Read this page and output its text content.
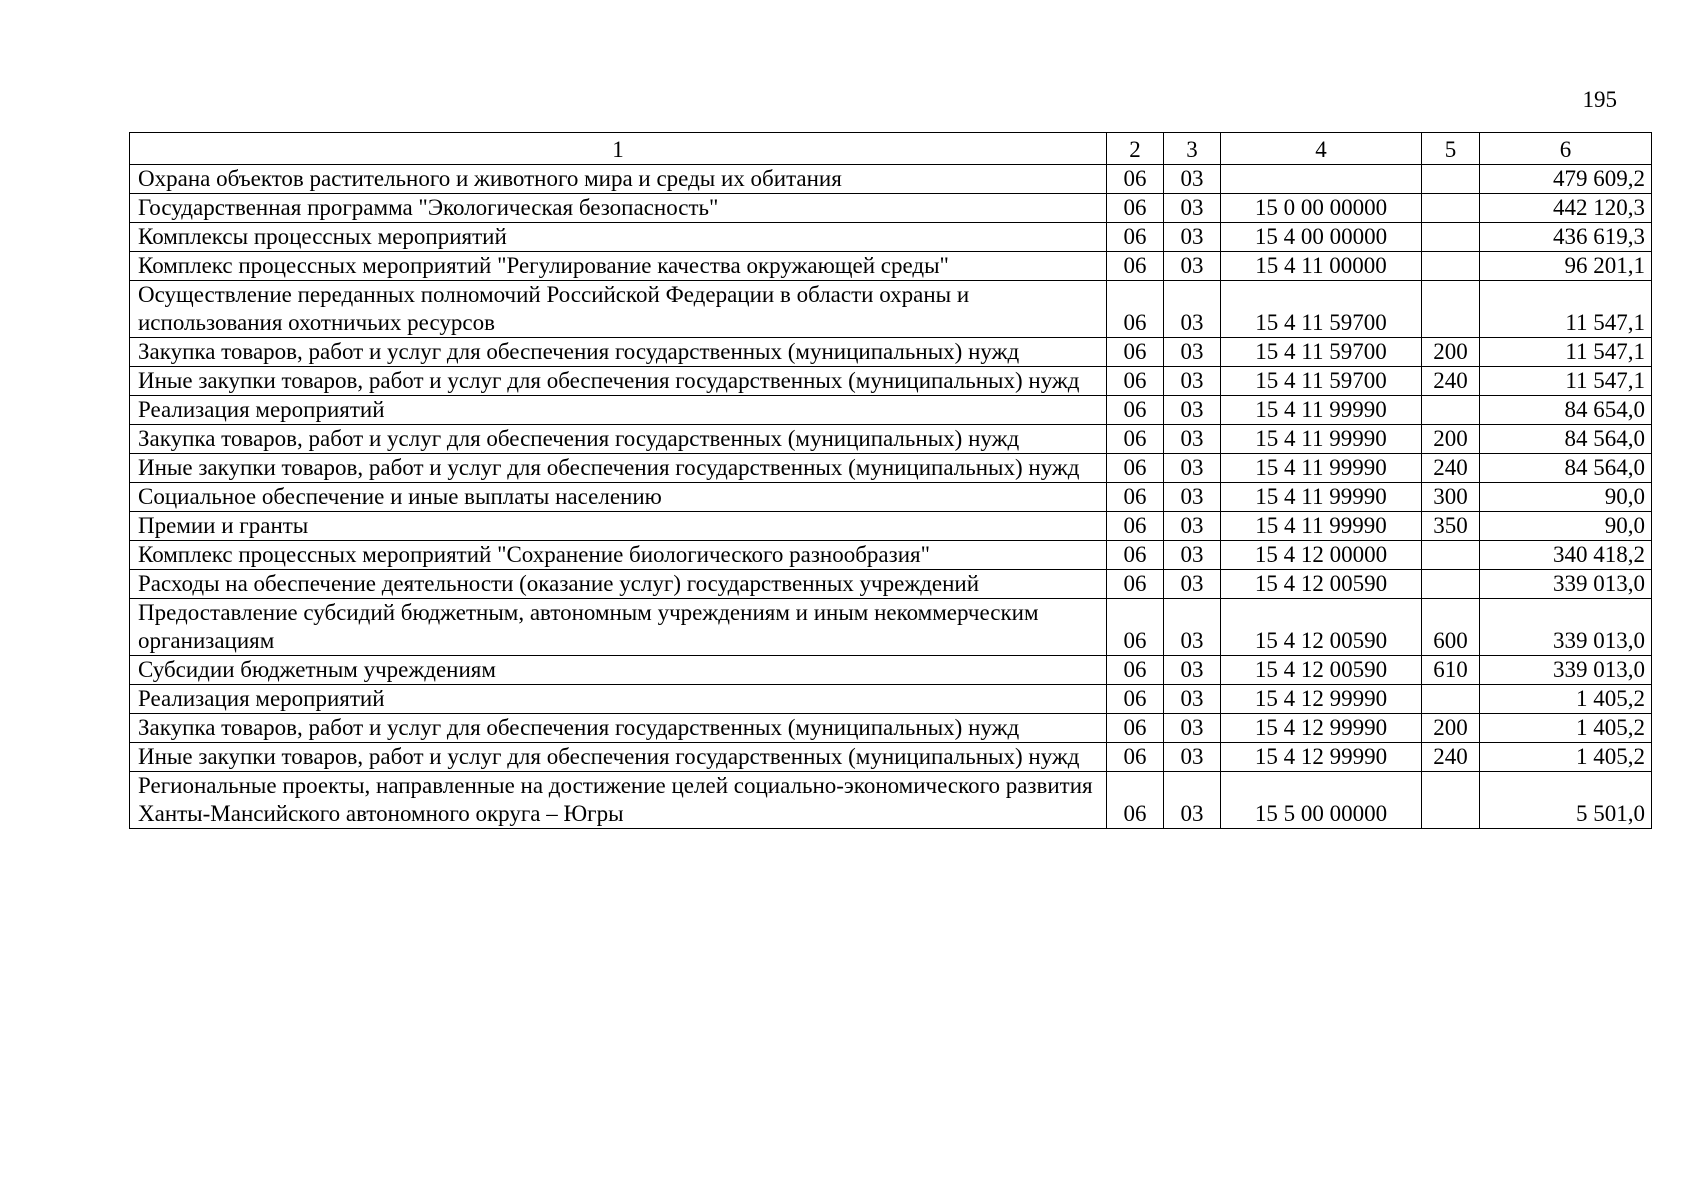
195
1	2	3	4	5	6
Охрана объектов растительного и животного мира и среды их обитания	06	03			479 609,2
Государственная программа "Экологическая безопасность"	06	03	15 0 00 00000		442 120,3
Комплексы процессных мероприятий	06	03	15 4 00 00000		436 619,3
Комплекс процессных мероприятий "Регулирование качества окружающей среды"	06	03	15 4 11 00000		96 201,1
Осуществление переданных полномочий Российской Федерации в области охраны и использования охотничьих ресурсов	06	03	15 4 11 59700		11 547,1
Закупка товаров, работ и услуг для обеспечения государственных (муниципальных) нужд	06	03	15 4 11 59700	200	11 547,1
Иные закупки товаров, работ и услуг для обеспечения государственных (муниципальных) нужд	06	03	15 4 11 59700	240	11 547,1
Реализация мероприятий	06	03	15 4 11 99990		84 654,0
Закупка товаров, работ и услуг для обеспечения государственных (муниципальных) нужд	06	03	15 4 11 99990	200	84 564,0
Иные закупки товаров, работ и услуг для обеспечения государственных (муниципальных) нужд	06	03	15 4 11 99990	240	84 564,0
Социальное обеспечение и иные выплаты населению	06	03	15 4 11 99990	300	90,0
Премии и гранты	06	03	15 4 11 99990	350	90,0
Комплекс процессных мероприятий "Сохранение биологического разнообразия"	06	03	15 4 12 00000		340 418,2
Расходы на обеспечение деятельности (оказание услуг) государственных учреждений	06	03	15 4 12 00590		339 013,0
Предоставление субсидий бюджетным, автономным учреждениям и иным некоммерческим организациям	06	03	15 4 12 00590	600	339 013,0
Субсидии бюджетным учреждениям	06	03	15 4 12 00590	610	339 013,0
Реализация мероприятий	06	03	15 4 12 99990		1 405,2
Закупка товаров, работ и услуг для обеспечения государственных (муниципальных) нужд	06	03	15 4 12 99990	200	1 405,2
Иные закупки товаров, работ и услуг для обеспечения государственных (муниципальных) нужд	06	03	15 4 12 99990	240	1 405,2
Региональные проекты, направленные на достижение целей социально-экономического развития Ханты-Мансийского автономного округа – Югры	06	03	15 5 00 00000		5 501,0
